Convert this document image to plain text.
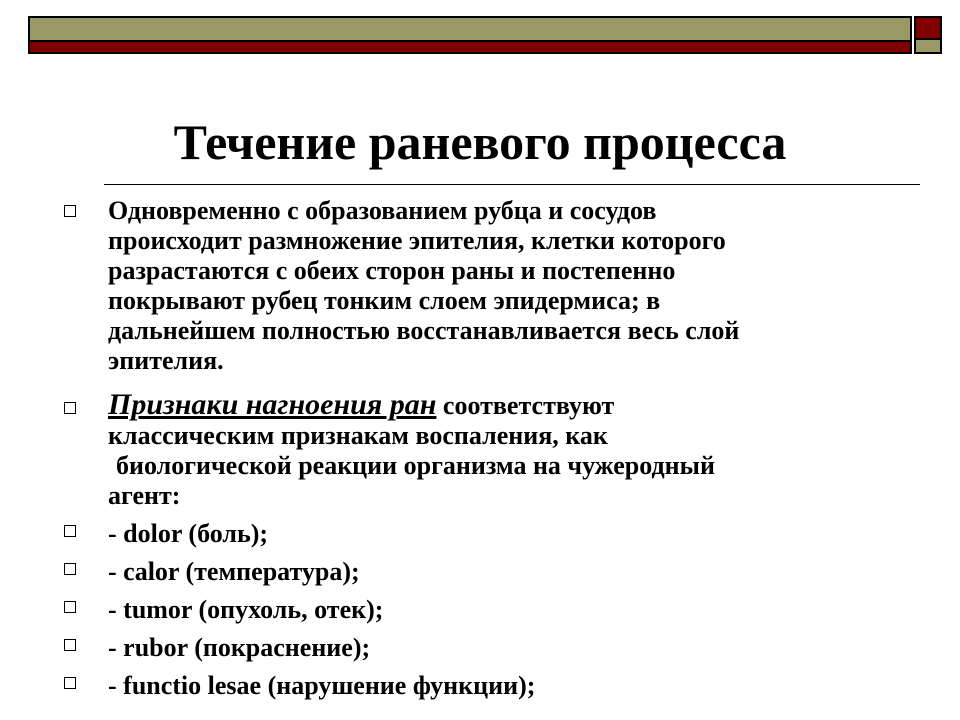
Течение раневого процесса
Одновременно с образованием рубца и сосудов
происходит размножение эпителия, клетки которого
разрастаются с обеих сторон раны и постепенно
покрывают рубец тонким слоем эпидермиса; в
дальнейшем полностью восстанавливается весь слой
эпителия.
Признаки нагноения ран соответствуют
классическим признакам воспаления, как
биологической реакции организма на чужеродный
агент:
- dolor (боль);
- calor (температура);
- tumor (опухоль, отек);
- rubor (покраснение);
- functio lesae (нарушение функции);
